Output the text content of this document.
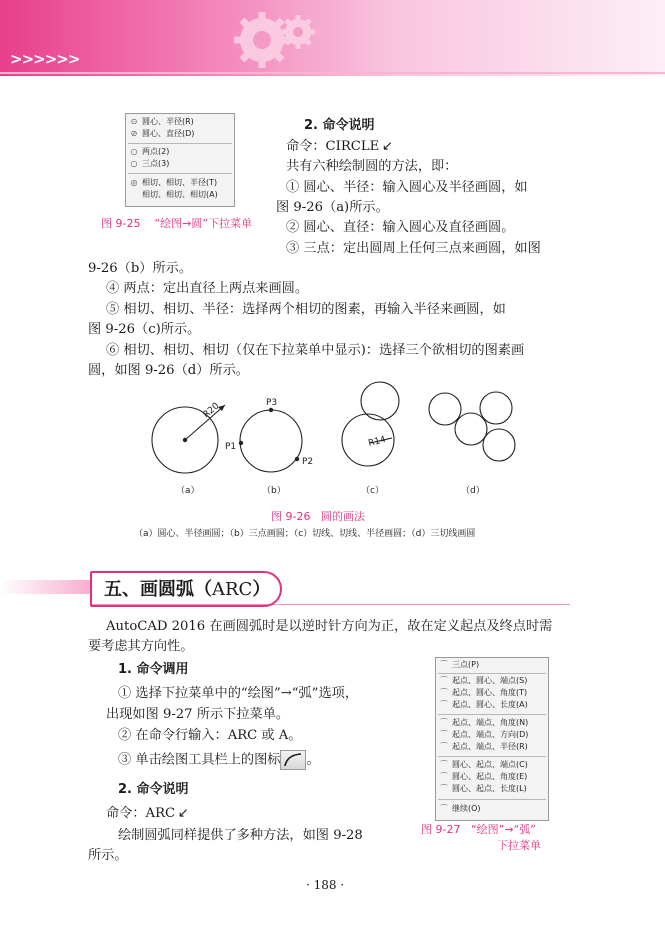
>>>>>>
⊙ 圆心、半径(R)
⊘ 圆心、直径(D)
○ 两点(2)
○ 三点(3)
◎ 相切、相切、半径(T)
相切、相切、相切(A)
图 9-25 “绘图→圆”下拉菜单
2. 命令说明
命令：CIRCLE ↙
共有六种绘制圆的方法，即：
① 圆心、半径：输入圆心及半径画圆，如
图 9-26（a)所示。
② 圆心、直径：输入圆心及直径画圆。
③ 三点：定出圆周上任何三点来画圆，如图
9-26（b）所示。
④ 两点：定出直径上两点来画圆。
⑤ 相切、相切、半径：选择两个相切的图素，再输入半径来画圆，如
图 9-26（c)所示。
⑥ 相切、相切、相切（仅在下拉菜单中显示)：选择三个欲相切的图素画
圆，如图 9-26（d）所示。
R20
P1
P2
P3
R14
（a）	（b）	（c）	（d）
图 9-26 圆的画法
（a）圆心、半径画圆；（b）三点画圆；（c）切线、切线、半径画圆；（d）三切线画圆
五、画圆弧（ARC）
AutoCAD 2016 在画圆弧时是以逆时针方向为正，故在定义起点及终点时需
要考虑其方向性。
1. 命令调用
① 选择下拉菜单中的“绘图”→“弧”选项，
出现如图 9-27 所示下拉菜单。
② 在命令行输入：ARC 或 A。
③ 单击绘图工具栏上的图标 。
2. 命令说明
命令：ARC ↙
绘制圆弧同样提供了多种方法，如图 9-28
所示。
⌒ 三点(P)
⌒ 起点、圆心、端点(S)
⌒ 起点、圆心、角度(T)
⌒ 起点、圆心、长度(A)
⌒ 起点、端点、角度(N)
⌒ 起点、端点、方向(D)
⌒ 起点、端点、半径(R)
⌒ 圆心、起点、端点(C)
⌒ 圆心、起点、角度(E)
⌒ 圆心、起点、长度(L)
⌒ 继续(O)
图 9-27 “绘图”→“弧”
下拉菜单
· 188 ·
